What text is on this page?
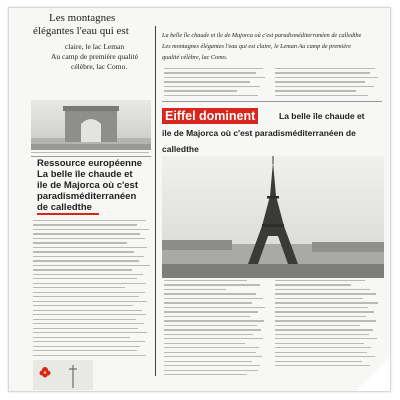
Les montagnes
élégantes l'eau qui est
claire, le lac Leman
Au camp de première qualité
célèbre, lac Como.
Ressource européenne
La belle île chaude et
ile de Majorca où c'est
paradisméditerranéen
de calledthe
La belle île chaude et ile de Majorca où c'est paradisméditerranéen de calledthe
Les montagnes élégantes l'eau qui est claire, le Leman Au camp de première
qualité célèbre, lac Como.
Eiffel dominent	La belle île chaude et
ile de Majorca où c'est paradisméditerranéen de
calledthe
